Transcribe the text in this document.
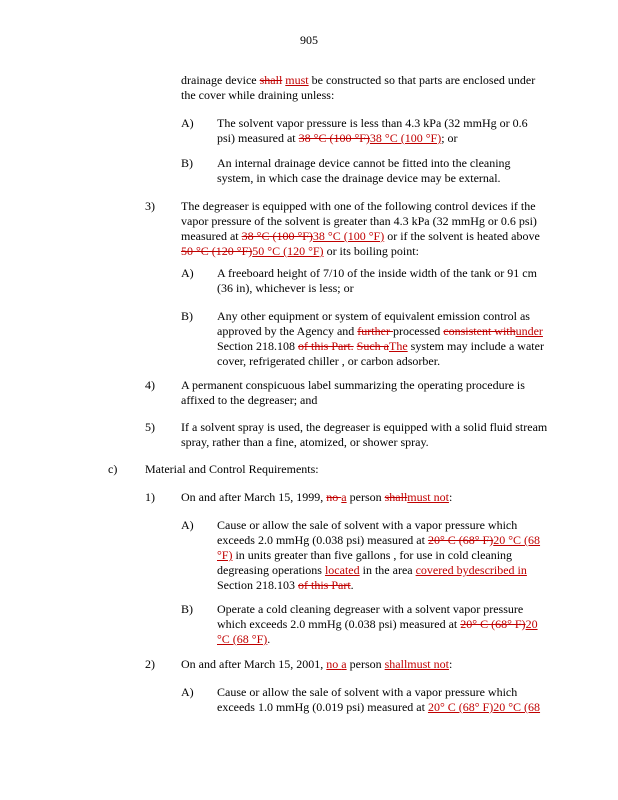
905
drainage device shall must be constructed so that parts are enclosed under the cover while draining unless:
A) The solvent vapor pressure is less than 4.3 kPa (32 mmHg or 0.6 psi) measured at 38 °C (100 °F)38 °C (100 °F); or
B) An internal drainage device cannot be fitted into the cleaning system, in which case the drainage device may be external.
3) The degreaser is equipped with one of the following control devices if the vapor pressure of the solvent is greater than 4.3 kPa (32 mmHg or 0.6 psi) measured at 38 °C (100 °F)38 °C (100 °F) or if the solvent is heated above 50 °C (120 °F)50 °C (120 °F) or its boiling point:
A) A freeboard height of 7/10 of the inside width of the tank or 91 cm (36 in), whichever is less; or
B) Any other equipment or system of equivalent emission control as approved by the Agency and further processed consistent withunder Section 218.108 of this Part. Such aThe system may include a water cover, refrigerated chiller , or carbon adsorber.
4) A permanent conspicuous label summarizing the operating procedure is affixed to the degreaser; and
5) If a solvent spray is used, the degreaser is equipped with a solid fluid stream spray, rather than a fine, atomized, or shower spray.
c) Material and Control Requirements:
1) On and after March 15, 1999, no a person shallmust not:
A) Cause or allow the sale of solvent with a vapor pressure which exceeds 2.0 mmHg (0.038 psi) measured at 20° C (68° F)20 °C (68 °F) in units greater than five gallons , for use in cold cleaning degreasing operations located in the area covered bydescribed in Section 218.103 of this Part.
B) Operate a cold cleaning degreaser with a solvent vapor pressure which exceeds 2.0 mmHg (0.038 psi) measured at 20° C (68° F)20 °C (68 °F).
2) On and after March 15, 2001, no a person shallmust not:
A) Cause or allow the sale of solvent with a vapor pressure which exceeds 1.0 mmHg (0.019 psi) measured at 20° C (68° F)20 °C (68
